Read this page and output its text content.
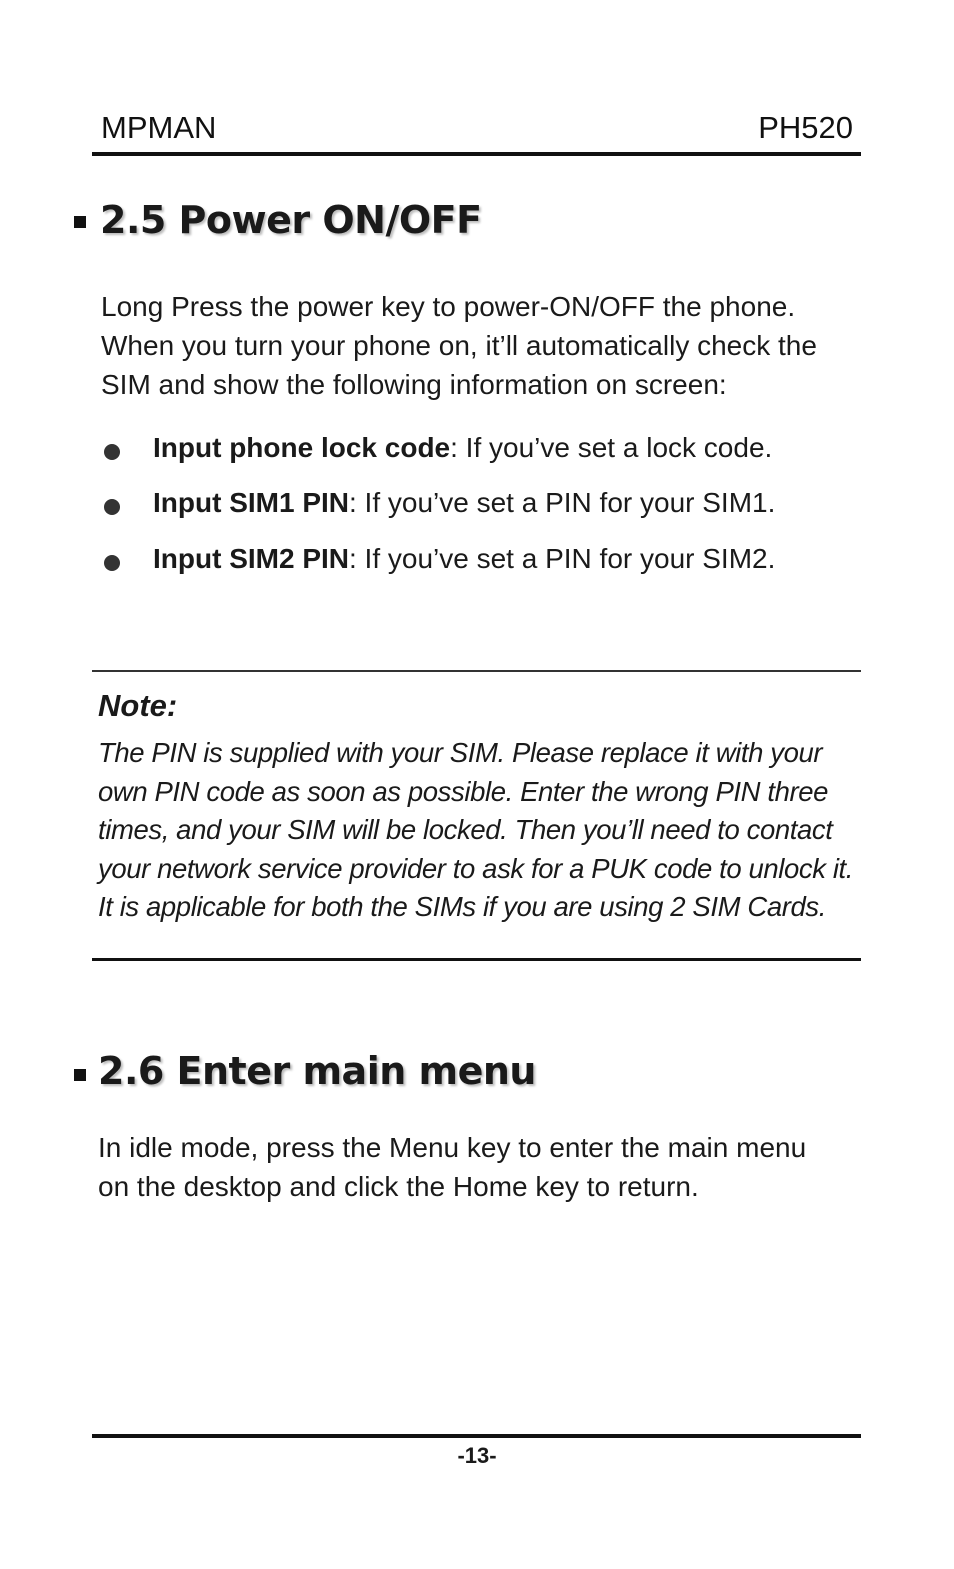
MPMAN	PH520
2.5 Power ON/OFF
Long Press the power key to power-ON/OFF the phone.
When you turn your phone on, it’ll automatically check the
SIM and show the following information on screen:
Input phone lock code: If you’ve set a lock code.
Input SIM1 PIN: If you’ve set a PIN for your SIM1.
Input SIM2 PIN: If you’ve set a PIN for your SIM2.
Note:
The PIN is supplied with your SIM. Please replace it with your
own PIN code as soon as possible. Enter the wrong PIN three
times, and your SIM will be locked. Then you’ll need to contact
your network service provider to ask for a PUK code to unlock it.
It is applicable for both the SIMs if you are using 2 SIM Cards.
2.6 Enter main menu
In idle mode, press the Menu key to enter the main menu
on the desktop and click the Home key to return.
-13-
